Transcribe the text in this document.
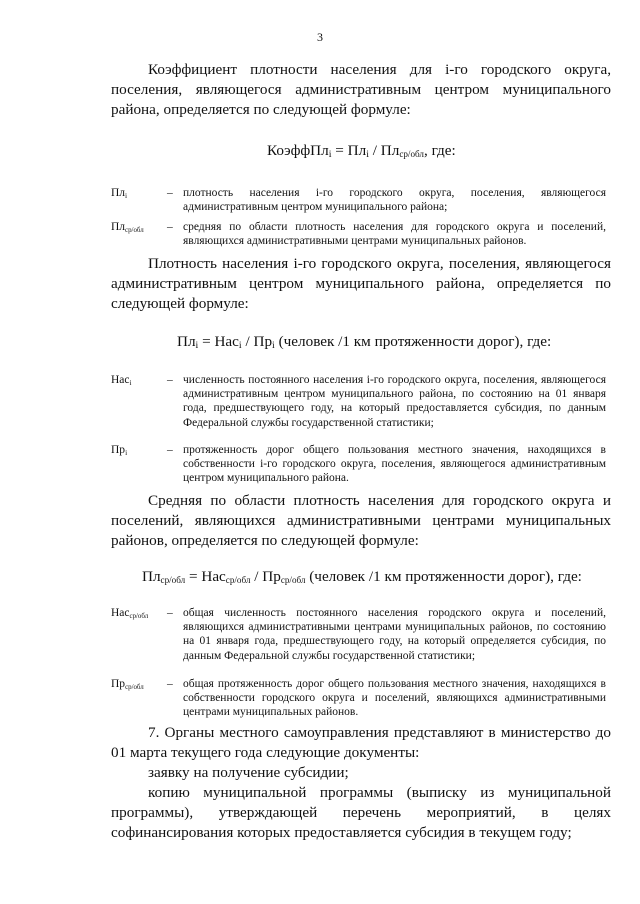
3
Коэффициент плотности населения для i-го городского округа, поселения, являющегося административным центром муниципального района, определяется по следующей формуле:
КоэффПл$_i$ = $Пл_i / Пл_{ср/обл}$, где:
$Пл_i$	– плотность населения i-го городского округа, поселения, являющегося административным центром муниципального района;
$Пл_{ср/обл}$	– средняя по области плотность населения для городского округа и поселений, являющихся административными центрами муниципальных районов.
Плотность населения i-го городского округа, поселения, являющегося административным центром муниципального района, определяется по следующей формуле:
$Пл_i = Нас_i / Пр_i$ (человек /1 км протяженности дорог), где:
Нас$_i$	– численность постоянного населения i-го городского округа, поселения, являющегося административным центром муниципального района, по состоянию на 01 января года, предшествующего году, на который предоставляется субсидия, по данным Федеральной службы государственной статистики;
$Пр_i$	– протяженность дорог общего пользования местного значения, находящихся в собственности i-го городского округа, поселения, являющегося административным центром муниципального района.
Средняя по области плотность населения для городского округа и поселений, являющихся административными центрами муниципальных районов, определяется по следующей формуле:
$Пл_{ср/обл} = Нас_{ср/обл} / Пр_{ср/обл}$ (человек /1 км протяженности дорог), где:
Нас$_{ср/обл}$	– общая численность постоянного населения городского округа и поселений, являющихся административными центрами муниципальных районов, по состоянию на 01 января года, предшествующего году, на который определяется субсидия, по данным Федеральной службы государственной статистики;
$Пр_{ср/обл}$	– общая протяженность дорог общего пользования местного значения, находящихся в собственности городского округа и поселений, являющихся административными центрами муниципальных районов.
7. Органы местного самоуправления представляют в министерство до 01 марта текущего года следующие документы:
заявку на получение субсидии;
копию муниципальной программы (выписку из муниципальной программы), утверждающей перечень мероприятий, в целях софинансирования которых предоставляется субсидия в текущем году;
